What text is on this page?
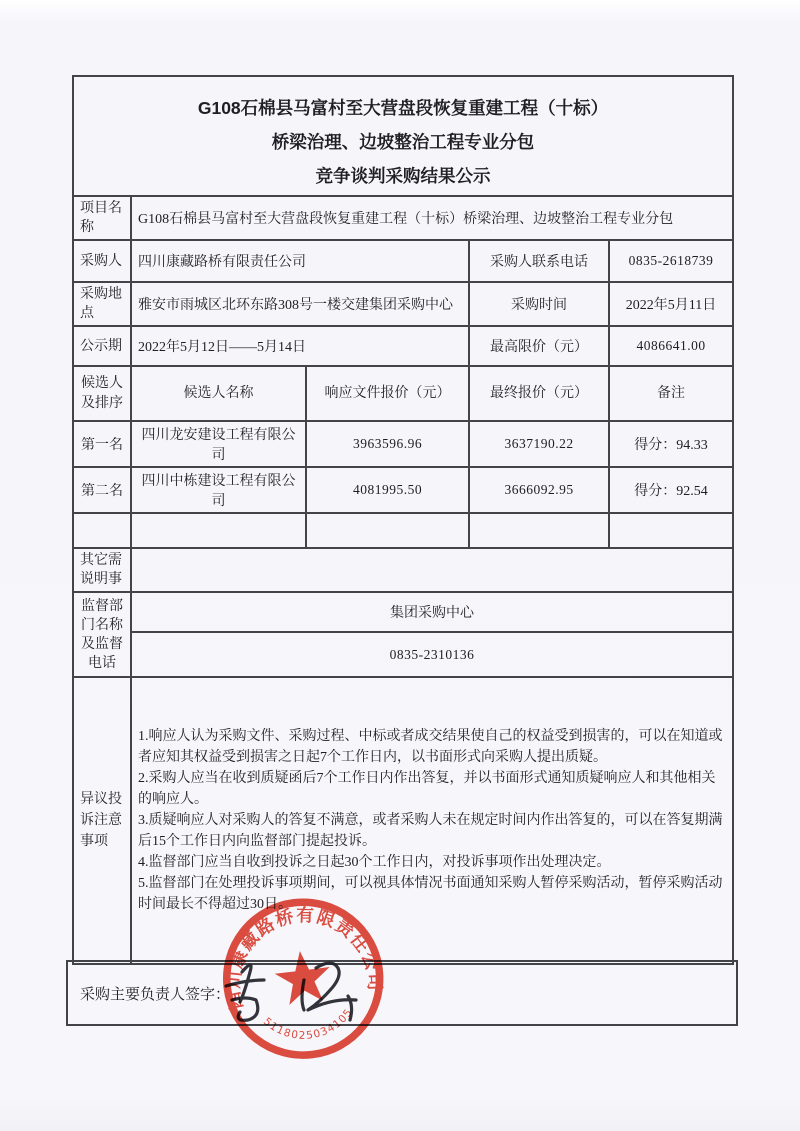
G108石棉县马富村至大营盘段恢复重建工程（十标）
桥梁治理、边坡整治工程专业分包
竞争谈判采购结果公示				

项目名称	G108石棉县马富村至大营盘段恢复重建工程（十标）桥梁治理、边坡整治工程专业分包			
采购人	四川康藏路桥有限责任公司		采购人联系电话	0835-2618739
采购地点	雅安市雨城区北环东路308号一楼交建集团采购中心		采购时间	2022年5月11日
公示期	2022年5月12日——5月14日		最高限价（元）	4086641.00
候选人及排序	候选人名称	响应文件报价（元）	最终报价（元）	备注
第一名	四川龙安建设工程有限公司	3963596.96	3637190.22	得分：94.33
第二名	四川中栋建设工程有限公司	4081995.50	3666092.95	得分：92.54

其它需说明事				
监督部门名称及监督电话	集团采购中心			
	0835-2310136			
异议投诉注意事项	1.响应人认为采购文件、采购过程、中标或者成交结果使自己的权益受到损害的，可以在知道或者应知其权益受到损害之日起7个工作日内，以书面形式向采购人提出质疑。
2.采购人应当在收到质疑函后7个工作日内作出答复，并以书面形式通知质疑响应人和其他相关的响应人。
3.质疑响应人对采购人的答复不满意，或者采购人未在规定时间内作出答复的，可以在答复期满后15个工作日内向监督部门提起投诉。
4.监督部门应当自收到投诉之日起30个工作日内，对投诉事项作出处理决定。
5.监督部门在处理投诉事项期间，可以视具体情况书面通知采购人暂停采购活动，暂停采购活动时间最长不得超过30日。			
采购主要负责人签字：
四川康藏路桥有限责任公司
5118025034105
